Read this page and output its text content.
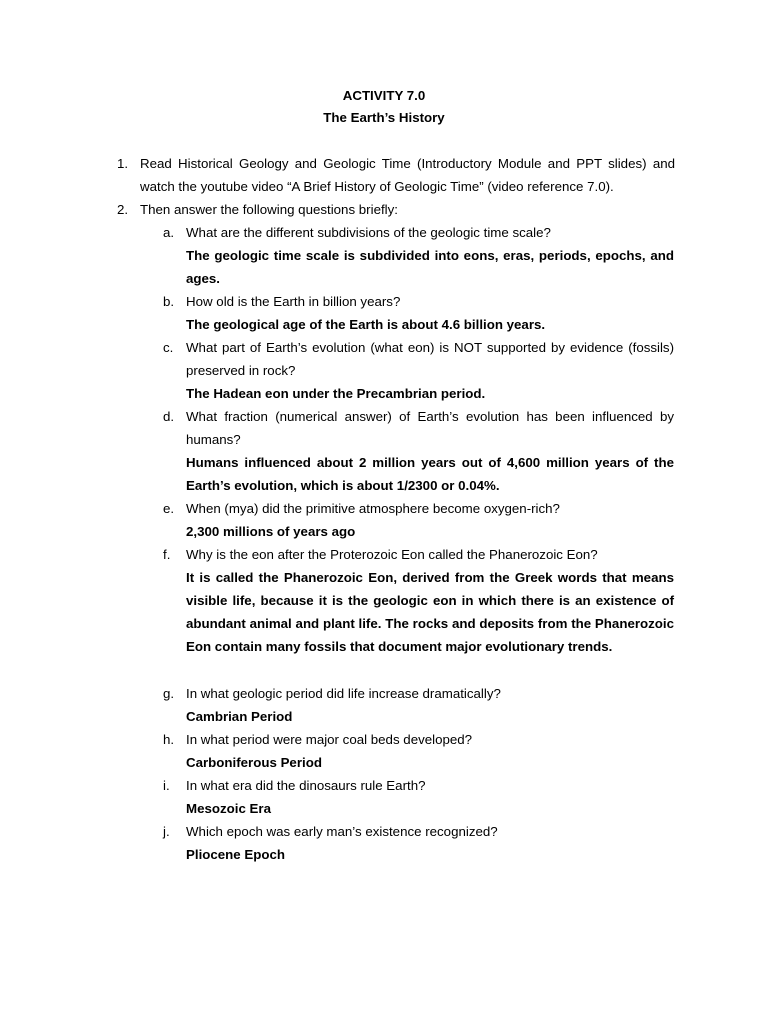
ACTIVITY 7.0
The Earth’s History
1. Read Historical Geology and Geologic Time (Introductory Module and PPT slides) and watch the youtube video “A Brief History of Geologic Time” (video reference 7.0).
2. Then answer the following questions briefly:
a. What are the different subdivisions of the geologic time scale?
The geologic time scale is subdivided into eons, eras, periods, epochs, and ages.
b. How old is the Earth in billion years?
The geological age of the Earth is about 4.6 billion years.
c. What part of Earth’s evolution (what eon) is NOT supported by evidence (fossils) preserved in rock?
The Hadean eon under the Precambrian period.
d. What fraction (numerical answer) of Earth’s evolution has been influenced by humans?
Humans influenced about 2 million years out of 4,600 million years of the Earth’s evolution, which is about 1/2300 or 0.04%.
e. When (mya) did the primitive atmosphere become oxygen-rich?
2,300 millions of years ago
f. Why is the eon after the Proterozoic Eon called the Phanerozoic Eon?
It is called the Phanerozoic Eon, derived from the Greek words that means visible life, because it is the geologic eon in which there is an existence of abundant animal and plant life. The rocks and deposits from the Phanerozoic Eon contain many fossils that document major evolutionary trends.
g. In what geologic period did life increase dramatically?
Cambrian Period
h. In what period were major coal beds developed?
Carboniferous Period
i. In what era did the dinosaurs rule Earth?
Mesozoic Era
j. Which epoch was early man’s existence recognized?
Pliocene Epoch
